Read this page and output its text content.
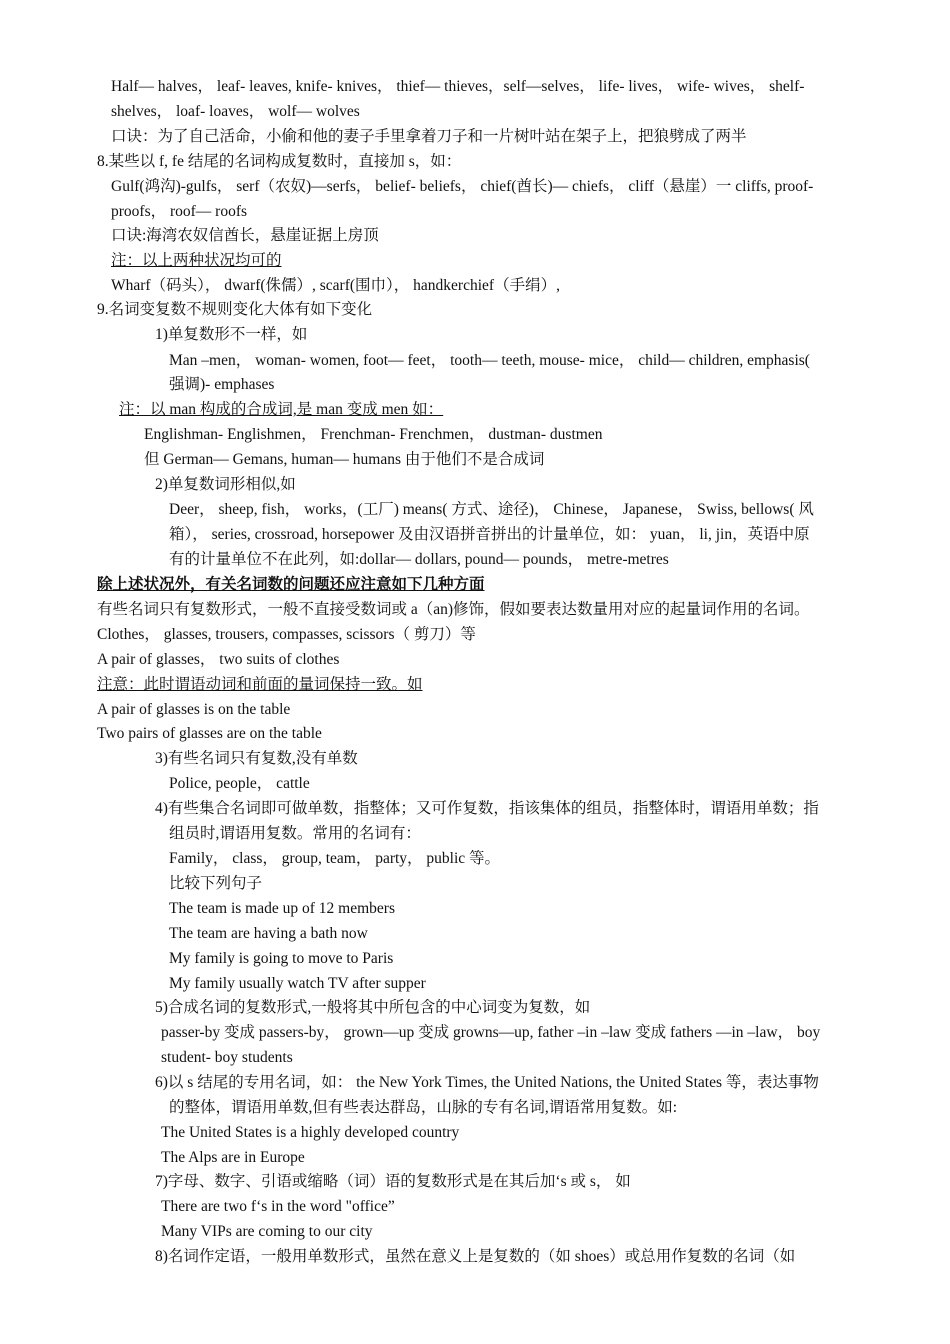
Half— halves， leaf- leaves, knife- knives， thief— thieves，self—selves， life- lives， wife- wives， shelf-
shelves， loaf- loaves， wolf— wolves
口诀：为了自己活命，小偷和他的妻子手里拿着刀子和一片树叶站在架子上，把狼劈成了两半
8.某些以 f, fe 结尾的名词构成复数时，直接加 s，如：
Gulf(鸿沟)-gulfs， serf（农奴)—serfs， belief- beliefs， chief(酋长)— chiefs， cliff（悬崖）一 cliffs, proof-
proofs， roof— roofs
口诀:海湾农奴信酋长，悬崖证据上房顶
注：以上两种状况均可的
Wharf（码头）， dwarf(侏儒）, scarf(围巾）， handkerchief（手绢）,
9.名词变复数不规则变化大体有如下变化
1)单复数形不一样，如
Man –men， woman- women, foot— feet， tooth— teeth, mouse- mice， child— children, emphasis(
强调)- emphases
注：以 man 构成的合成词,是 man 变成 men 如：
Englishman- Englishmen， Frenchman- Frenchmen， dustman- dustmen
但 German— Gemans, human— humans 由于他们不是合成词
2)单复数词形相似,如
Deer， sheep, fish， works，(工厂) means( 方式、途径)， Chinese， Japanese， Swiss, bellows( 风
箱）， series, crossroad, horsepower 及由汉语拼音拼出的计量单位，如： yuan， li, jin，英语中原
有的计量单位不在此列，如:dollar— dollars, pound— pounds， metre-metres
除上述状况外，有关名词数的问题还应注意如下几种方面
有些名词只有复数形式，一般不直接受数词或 a（an)修饰，假如要表达数量用对应的起量词作用的名词。
Clothes， glasses, trousers, compasses, scissors（ 剪刀）等
A pair of glasses， two suits of clothes
注意：此时谓语动词和前面的量词保持一致。如
A pair of glasses is on the table
Two pairs of glasses are on the table
3)有些名词只有复数,没有单数
Police, people， cattle
4)有些集合名词即可做单数，指整体；又可作复数，指该集体的组员，指整体时，谓语用单数；指
组员时,谓语用复数。常用的名词有：
Family， class， group, team， party， public 等。
比较下列句子
The team is made up of 12 members
The team are having a bath now
My family is going to move to Paris
My family usually watch TV after supper
5)合成名词的复数形式,一般将其中所包含的中心词变为复数，如
passer-by 变成 passers-by， grown—up 变成 growns—up, father –in –law 变成 fathers —in –law， boy
student- boy students
6)以 s 结尾的专用名词，如： the New York Times, the United Nations, the United States 等，表达事物
的整体，谓语用单数,但有些表达群岛，山脉的专有名词,谓语常用复数。如:
The United States is a highly developed country
The Alps are in Europe
7)字母、数字、引语或缩略（词）语的复数形式是在其后加‘s 或 s， 如
There are two f‘s in the word "office”
Many VIPs are coming to our city
8)名词作定语，一般用单数形式，虽然在意义上是复数的（如 shoes）或总用作复数的名词（如
